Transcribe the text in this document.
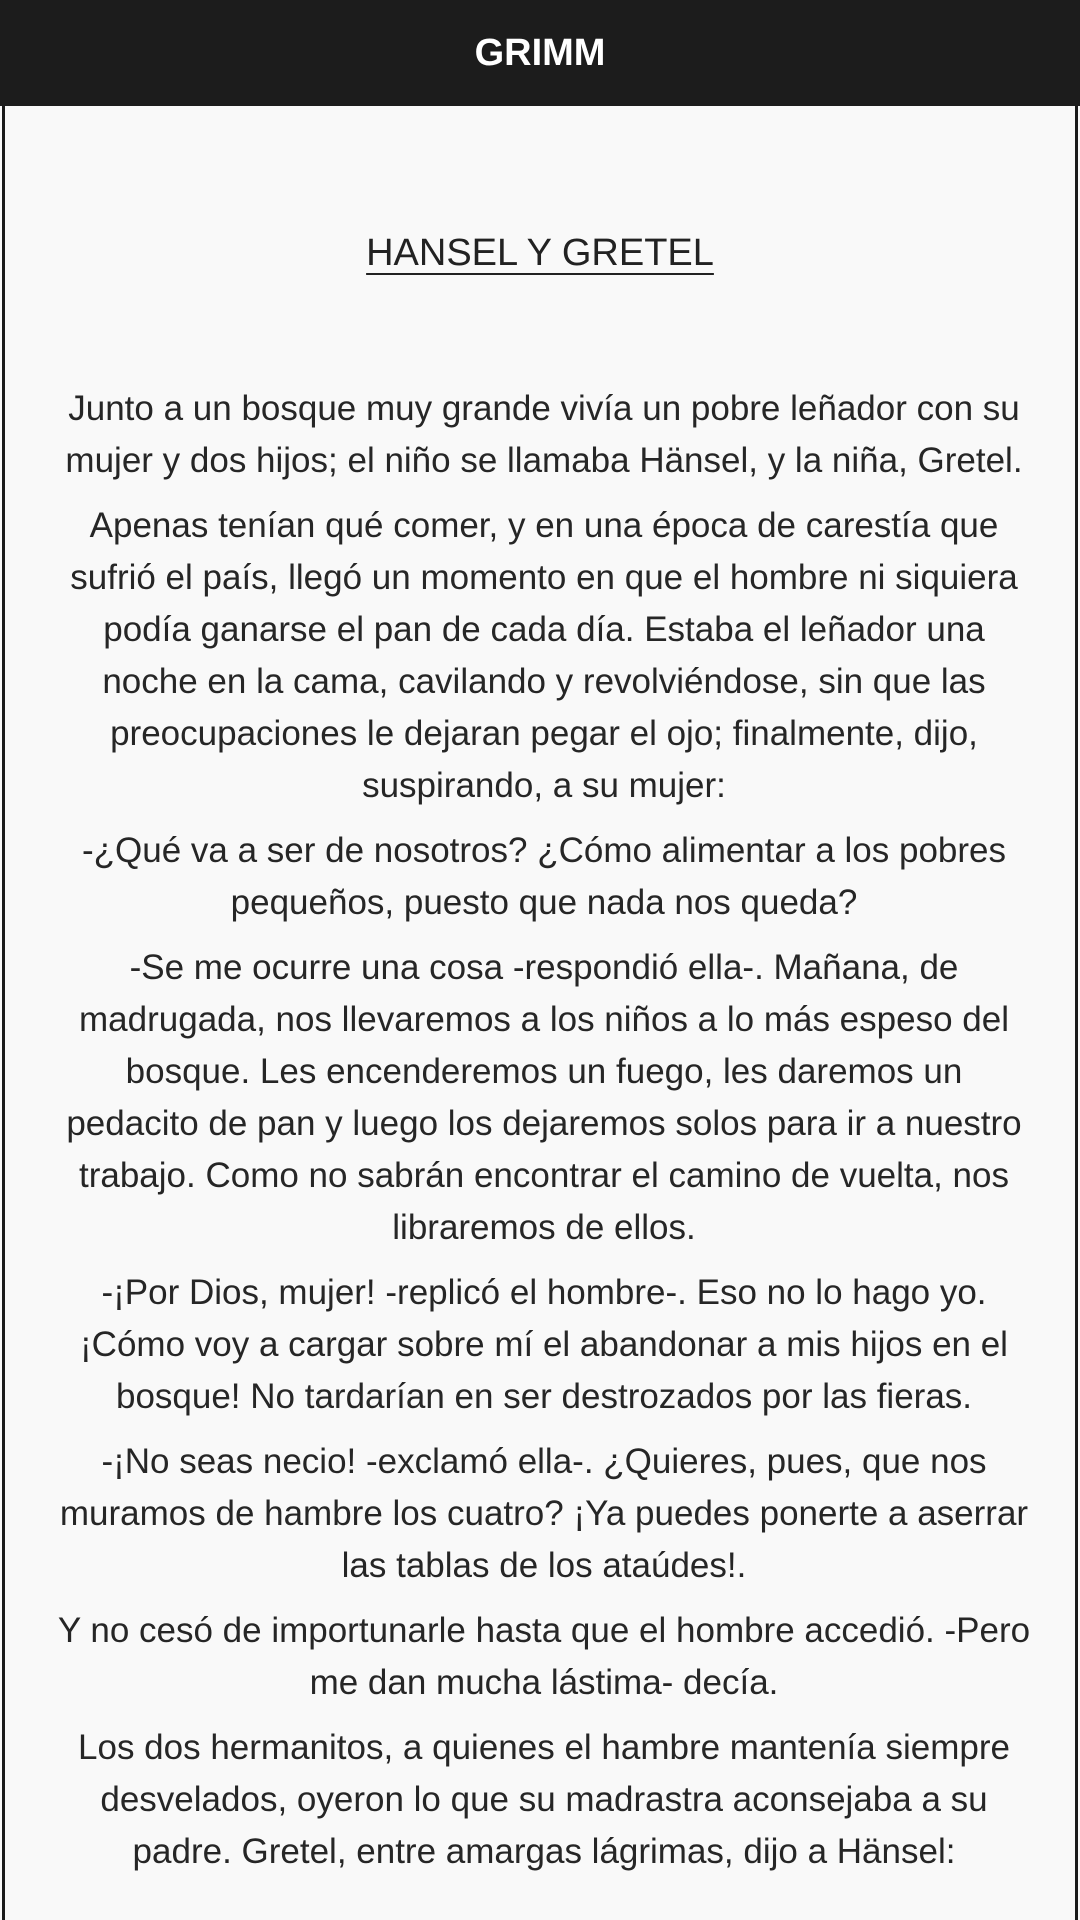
GRIMM
HANSEL Y GRETEL

Junto a un bosque muy grande vivía un pobre leñador con su mujer y dos hijos; el niño se llamaba Hänsel, y la niña, Gretel.

Apenas tenían qué comer, y en una época de carestía que sufrió el país, llegó un momento en que el hombre ni siquiera podía ganarse el pan de cada día. Estaba el leñador una noche en la cama, cavilando y revolviéndose, sin que las preocupaciones le dejaran pegar el ojo; finalmente, dijo, suspirando, a su mujer:

-¿Qué va a ser de nosotros? ¿Cómo alimentar a los pobres pequeños, puesto que nada nos queda?

-Se me ocurre una cosa -respondió ella-. Mañana, de madrugada, nos llevaremos a los niños a lo más espeso del bosque. Les encenderemos un fuego, les daremos un pedacito de pan y luego los dejaremos solos para ir a nuestro trabajo. Como no sabrán encontrar el camino de vuelta, nos libraremos de ellos.

-¡Por Dios, mujer! -replicó el hombre-. Eso no lo hago yo. ¡Cómo voy a cargar sobre mí el abandonar a mis hijos en el bosque! No tardarían en ser destrozados por las fieras.

-¡No seas necio! -exclamó ella-. ¿Quieres, pues, que nos muramos de hambre los cuatro? ¡Ya puedes ponerte a aserrar las tablas de los ataúdes!.

Y no cesó de importunarle hasta que el hombre accedió. -Pero me dan mucha lástima- decía.

Los dos hermanitos, a quienes el hambre mantenía siempre desvelados, oyeron lo que su madrastra aconsejaba a su padre. Gretel, entre amargas lágrimas, dijo a Hänsel:
